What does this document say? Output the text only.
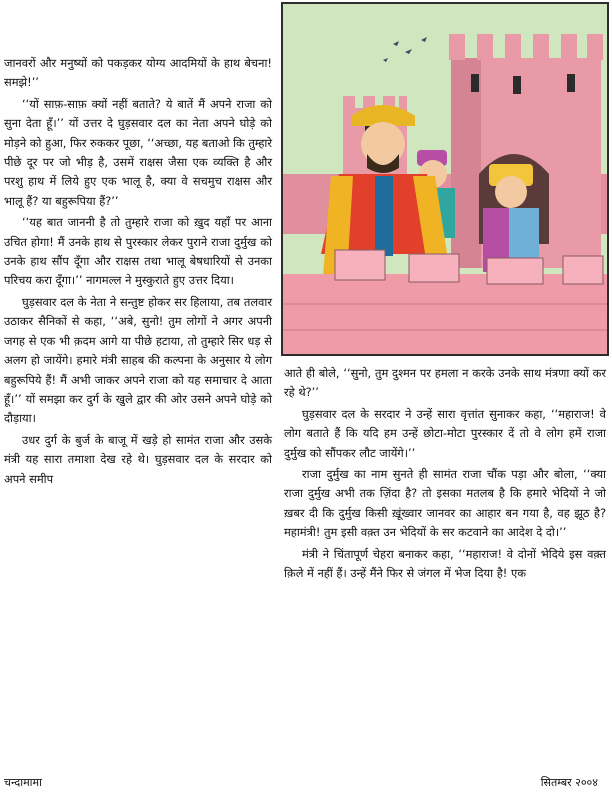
जानवरों और मनुष्यों को पकड़कर योग्य आदमियों के हाथ बेचना! समझे!’’

‘‘यों साफ़-साफ़ क्यों नहीं बताते? ये बातें मैं अपने राजा को सुना देता हूँ।’’ यों उत्तर दे घुड़सवार दल का नेता अपने घोड़े को मोड़ने को हुआ, फिर रुककर पूछा, ‘‘अच्छा, यह बताओ कि तुम्हारे पीछे दूर पर जो भीड़ है, उसमें राक्षस जैसा एक व्यक्ति है और परशु हाथ में लिये हुए एक भालू है, क्या वे सचमुच राक्षस और भालू हैं? या बहुरूपिया हैं?’’

‘‘यह बात जाननी है तो तुम्हारे राजा को ख़ुद यहाँ पर आना उचित होगा! मैं उनके हाथ से पुरस्कार लेकर पुराने राजा दुर्मुख को उनके हाथ सौंप दूँगा और राक्षस तथा भालू बेषधारियों से उनका परिचय करा दूँगा।’’ नागमल्ल ने मुस्कुराते हुए उत्तर दिया।

घुड़सवार दल के नेता ने सन्तुष्ट होकर सर हिलाया, तब तलवार उठाकर सैनिकों से कहा, ‘‘अबे, सुनो! तुम लोगों ने अगर अपनी जगह से एक भी क़दम आगे या पीछे हटाया, तो तुम्हारे सिर धड़ से अलग हो जायेंगे। हमारे मंत्री साहब की कल्पना के अनुसार ये लोग बहुरूपिये हैं! मैं अभी जाकर अपने राजा को यह समाचार दे आता हूँ।’’ यों समझा कर दुर्ग के खुले द्वार की ओर उसने अपने घोड़े को दौड़ाया।

उधर दुर्ग के बुर्ज के बाजू में खड़े हो सामंत राजा और उसके मंत्री यह सारा तमाशा देख रहे थे। घुड़सवार दल के सरदार को अपने समीप

आते ही बोले, ‘‘सुनो, तुम दुश्मन पर हमला न करके उनके साथ मंत्रणा क्यों कर रहे थे?’’

घुड़सवार दल के सरदार ने उन्हें सारा वृत्तांत सुनाकर कहा, ‘‘महाराज! वे लोग बताते हैं कि यदि हम उन्हें छोटा-मोटा पुरस्कार दें तो वे लोग हमें राजा दुर्मुख को सौंपकर लौट जायेंगे।’’

राजा दुर्मुख का नाम सुनते ही सामंत राजा चौंक पड़ा और बोला, ‘‘क्या राजा दुर्मुख अभी तक ज़िंदा है? तो इसका मतलब है कि हमारे भेदियों ने जो ख़बर दी कि दुर्मुख किसी ख़ूंख्वार जानवर का आहार बन गया है, वह झूठ है? महामंत्री! तुम इसी वक़्त उन भेदियों के सर कटवाने का आदेश दे दो।’’

मंत्री ने चिंतापूर्ण चेहरा बनाकर कहा, ‘‘महाराज! वे दोनों भेदिये इस वक़्त क़िले में नहीं हैं। उन्हें मैंने फिर से जंगल में भेज दिया है! एक

चन्दामामा	सितम्बर २००४
